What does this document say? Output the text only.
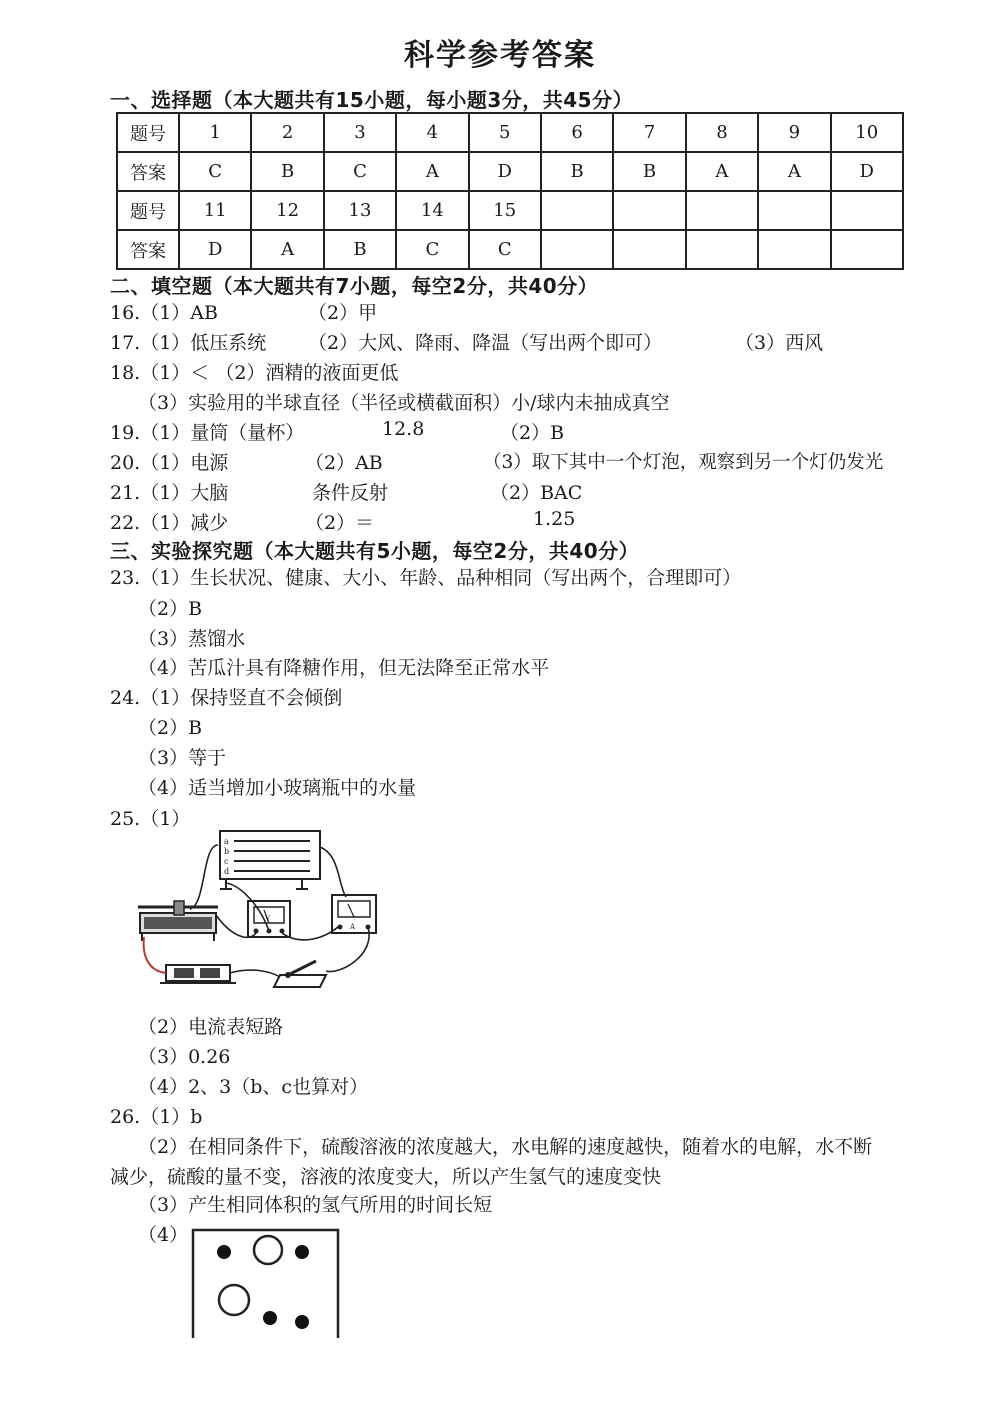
科学参考答案
一、选择题（本大题共有15小题，每小题3分，共45分）
题号	1	2	3	4	5	6	7	8	9	10
答案	C	B	C	A	D	B	B	A	A	D
题号	11	12	13	14	15					
答案	D	A	B	C	C					
二、填空题（本大题共有7小题，每空2分，共40分）
16.（1）AB	（2）甲
17.（1）低压系统 （2）大风、降雨、降温（写出两个即可）	（3）西风
18.（1）＜ （2）酒精的液面更低
（3）实验用的半球直径（半径或横截面积）小/球内未抽成真空
19.（1）量筒（量杯）	12.8	（2）B
20.（1）电源	（2）AB	（3）取下其中一个灯泡，观察到另一个灯仍发光
21.（1）大脑	条件反射	（2）BAC
22.（1）减少	（2）＝	1.25
三、实验探究题（本大题共有5小题，每空2分，共40分）
23.（1）生长状况、健康、大小、年龄、品种相同（写出两个，合理即可）
（2）B
（3）蒸馏水
（4）苦瓜汁具有降糖作用，但无法降至正常水平
24.（1）保持竖直不会倾倒
（2）B
（3）等于
（4）适当增加小玻璃瓶中的水量
25.（1）
a
b
c
d
V
A
（2）电流表短路
（3）0.26
（4）2、3（b、c也算对）
26.（1）b
（2）在相同条件下，硫酸溶液的浓度越大，水电解的速度越快，随着水的电解，水不断
减少，硫酸的量不变，溶液的浓度变大，所以产生氢气的速度变快
（3）产生相同体积的氢气所用的时间长短
（4）
